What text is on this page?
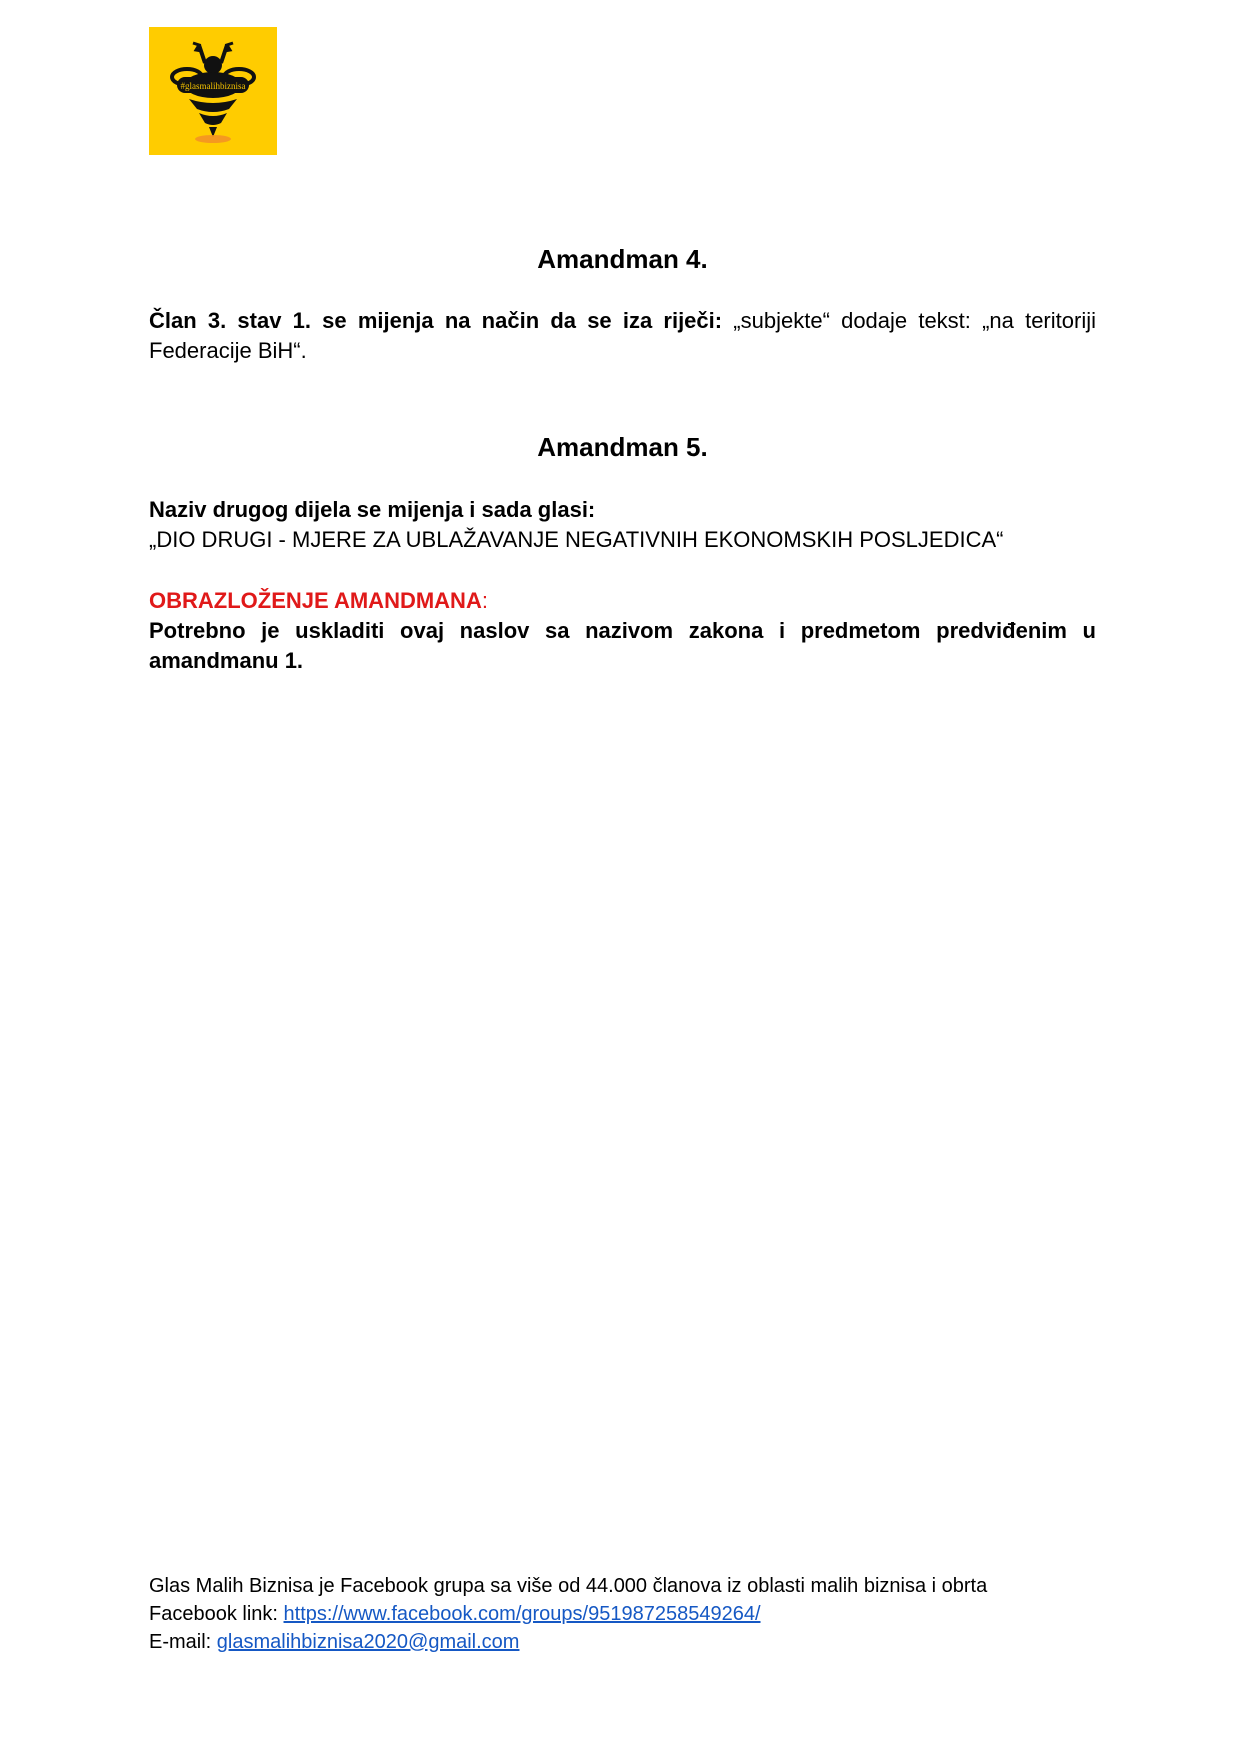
#glasmalihbiznisa
Amandman 4.
Član 3. stav 1. se mijenja na način da se iza riječi: „subjekte“ dodaje tekst: „na teritoriji Federacije BiH“.
Amandman 5.
Naziv drugog dijela se mijenja i sada glasi:
„DIO DRUGI - MJERE ZA UBLAŽAVANJE NEGATIVNIH EKONOMSKIH POSLJEDICA“
OBRAZLOŽENJE AMANDMANA:
Potrebno je uskladiti ovaj naslov sa nazivom zakona i predmetom predviđenim u amandmanu 1.
Glas Malih Biznisa je Facebook grupa sa više od 44.000 članova iz oblasti malih biznisa i obrta
Facebook link: https://www.facebook.com/groups/951987258549264/
E-mail: glasmalihbiznisa2020@gmail.com
